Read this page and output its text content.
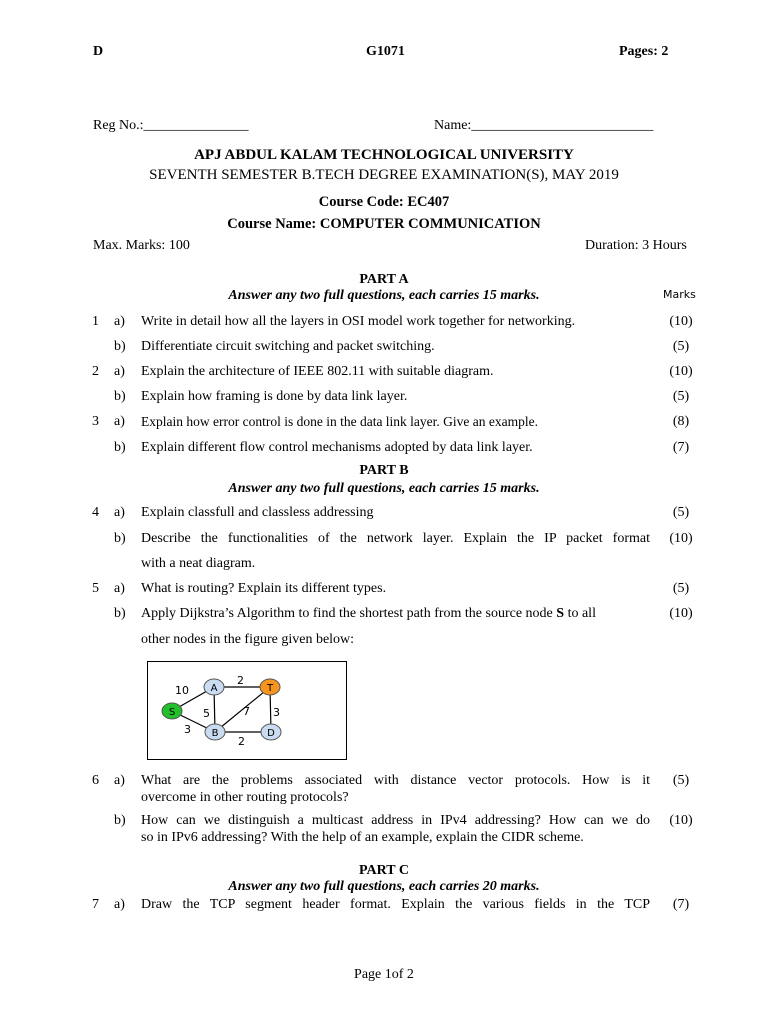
D	G1071	Pages: 2
Reg No.:_______________	Name:__________________________
APJ ABDUL KALAM TECHNOLOGICAL UNIVERSITY
SEVENTH SEMESTER B.TECH DEGREE EXAMINATION(S), MAY 2019
Course Code: EC407
Course Name: COMPUTER COMMUNICATION
Max. Marks: 100	Duration: 3 Hours
PART A
Answer any two full questions, each carries 15 marks.	Marks
1 a) Write in detail how all the layers in OSI model work together for networking.	(10)
b) Differentiate circuit switching and packet switching.	(5)
2 a) Explain the architecture of IEEE 802.11 with suitable diagram.	(10)
b) Explain how framing is done by data link layer.	(5)
3 a) Explain how error control is done in the data link layer. Give an example.	(8)
b) Explain different flow control mechanisms adopted by data link layer.	(7)
PART B
Answer any two full questions, each carries 15 marks.
4 a) Explain classfull and classless addressing	(5)
b) Describe the functionalities of the network layer. Explain the IP packet format
with a neat diagram.
(10)
5 a) What is routing? Explain its different types.	(5)
b) Apply Dijkstra’s Algorithm to find the shortest path from the source node S to all
other nodes in the figure given below:
(10)
10
2
5	7 3
3
2
S
A	T
B	D
6 a) What are the problems associated with distance vector protocols. How is it
overcome in other routing protocols?
(5)
b) How can we distinguish a multicast address in IPv4 addressing? How can we do
so in IPv6 addressing? With the help of an example, explain the CIDR scheme.
(10)
PART C
Answer any two full questions, each carries 20 marks.
7 a) Draw the TCP segment header format. Explain the various fields in the TCP	(7)
Page 1of 2
